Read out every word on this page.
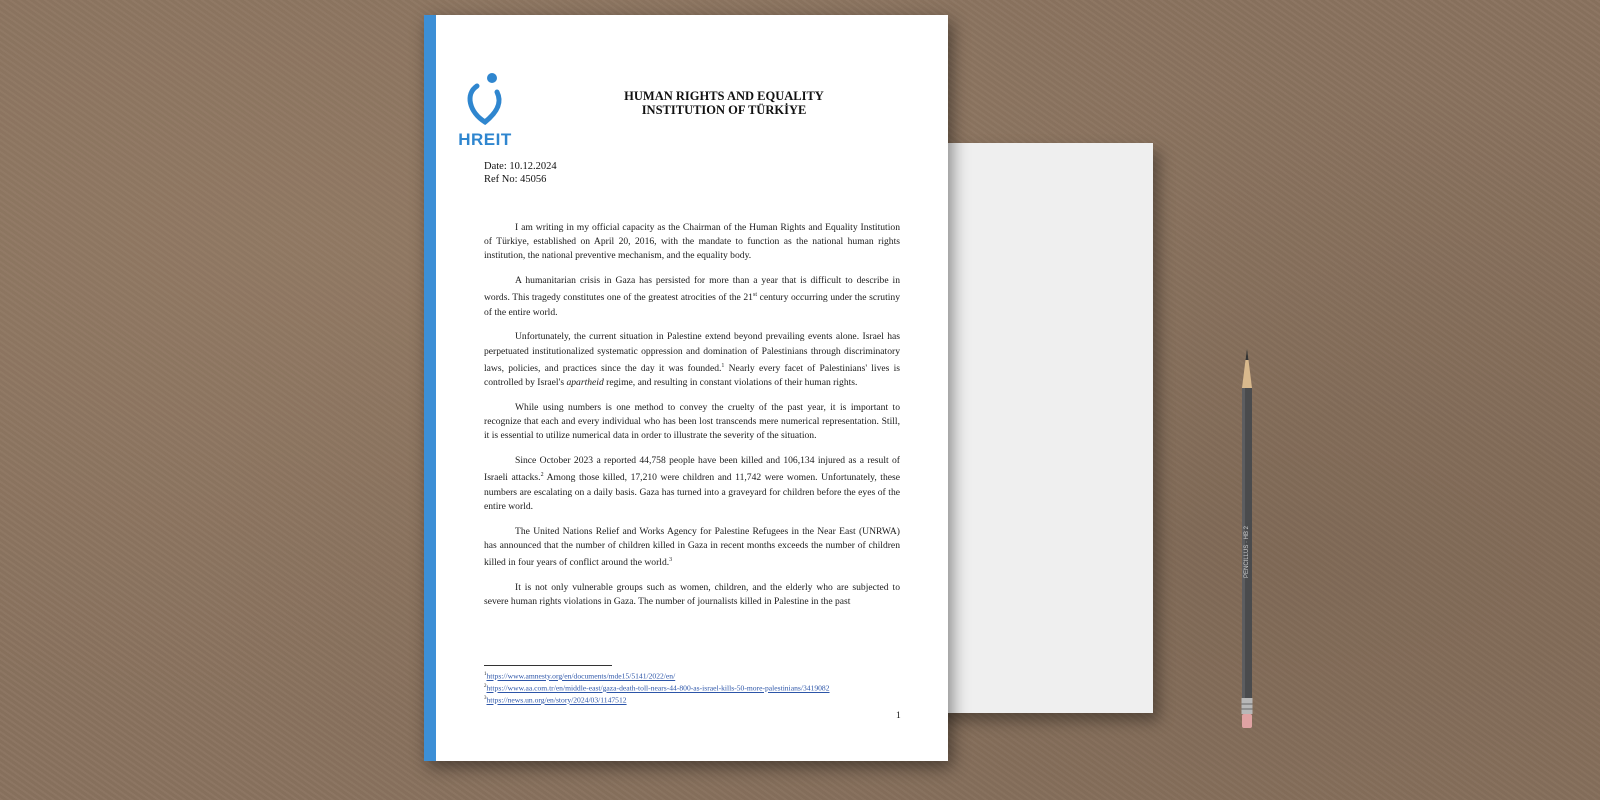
HREIT
HUMAN RIGHTS AND EQUALITY
INSTITUTION OF TÜRKİYE
Date: 10.12.2024
Ref No: 45056

I am writing in my official capacity as the Chairman of the Human Rights and Equality Institution of Türkiye, established on April 20, 2016, with the mandate to function as the national human rights institution, the national preventive mechanism, and the equality body.

A humanitarian crisis in Gaza has persisted for more than a year that is difficult to describe in words. This tragedy constitutes one of the greatest atrocities of the 21st century occurring under the scrutiny of the entire world.

Unfortunately, the current situation in Palestine extend beyond prevailing events alone. Israel has perpetuated institutionalized systematic oppression and domination of Palestinians through discriminatory laws, policies, and practices since the day it was founded.$^1$ Nearly every facet of Palestinians' lives is controlled by Israel's apartheid regime, and resulting in constant violations of their human rights.

While using numbers is one method to convey the cruelty of the past year, it is important to recognize that each and every individual who has been lost transcends mere numerical representation. Still, it is essential to utilize numerical data in order to illustrate the severity of the situation.

Since October 2023 a reported 44,758 people have been killed and 106,134 injured as a result of Israeli attacks.$^2$ Among those killed, 17,210 were children and 11,742 were women. Unfortunately, these numbers are escalating on a daily basis. Gaza has turned into a graveyard for children before the eyes of the entire world.

The United Nations Relief and Works Agency for Palestine Refugees in the Near East (UNRWA) has announced that the number of children killed in Gaza in recent months exceeds the number of children killed in four years of conflict around the world.$^3$

It is not only vulnerable groups such as women, children, and the elderly who are subjected to severe human rights violations in Gaza. The number of journalists killed in Palestine in the past

$^1$https://www.amnesty.org/en/documents/mde15/5141/2022/en/
$^2$https://www.aa.com.tr/en/middle-east/gaza-death-toll-nears-44-800-as-israel-kills-50-more-palestinians/3419082
$^3$https://news.un.org/en/story/2024/03/1147512
1
PENCILLUS · HB 2
